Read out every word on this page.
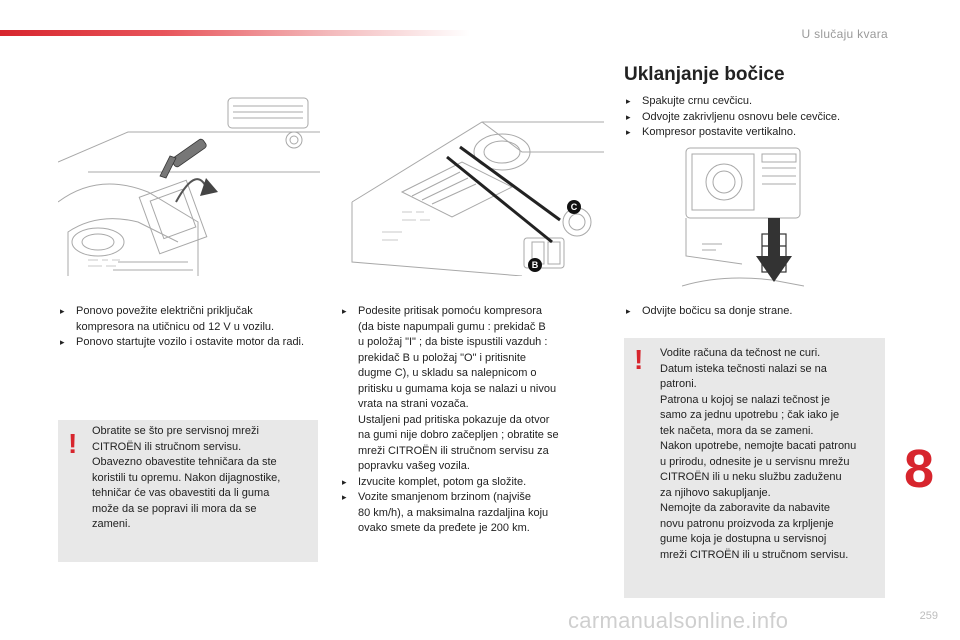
U slučaju kvara
C
B
▸ Ponovo povežite električni priključak kompresora na utičnicu od 12 V u vozilu.
▸ Ponovo startujte vozilo i ostavite motor da radi.
! Obratite se što pre servisnoj mreži
CITROËN ili stručnom servisu.
Obavezno obavestite tehničara da ste
koristili tu opremu. Nakon dijagnostike,
tehničar će vas obavestiti da li guma
može da se popravi ili mora da se
zameni.
▸ Podesite pritisak pomoću kompresora
(da biste napumpali gumu : prekidač B
u položaj "I" ; da biste ispustili vazduh :
prekidač B u položaj "O" i pritisnite
dugme C), u skladu sa nalepnicom o
pritisku u gumama koja se nalazi u nivou
vrata na strani vozača.
Ustaljeni pad pritiska pokazuje da otvor
na gumi nije dobro začepljen ; obratite se
mreži CITROËN ili stručnom servisu za
popravku vašeg vozila.
▸ Izvucite komplet, potom ga složite.
▸ Vozite smanjenom brzinom (najviše
80 km/h), a maksimalna razdaljina koju
ovako smete da pređete je 200 km.
Uklanjanje bočice
▸ Spakujte crnu cevčicu.
▸ Odvojte zakrivljenu osnovu bele cevčice.
▸ Kompresor postavite vertikalno.
▸ Odvijte bočicu sa donje strane.
! Vodite računa da tečnost ne curi.
Datum isteka tečnosti nalazi se na
patroni.
Patrona u kojoj se nalazi tečnost je
samo za jednu upotrebu ; čak iako je
tek načeta, mora da se zameni.
Nakon upotrebe, nemojte bacati patronu
u prirodu, odnesite je u servisnu mrežu
CITROËN ili u neku službu zaduženu
za njihovo sakupljanje.
Nemojte da zaboravite da nabavite
novu patronu proizvoda za krpljenje
gume koja je dostupna u servisnoj
mreži CITROËN ili u stručnom servisu.
8
carmanualsonline.info	259
